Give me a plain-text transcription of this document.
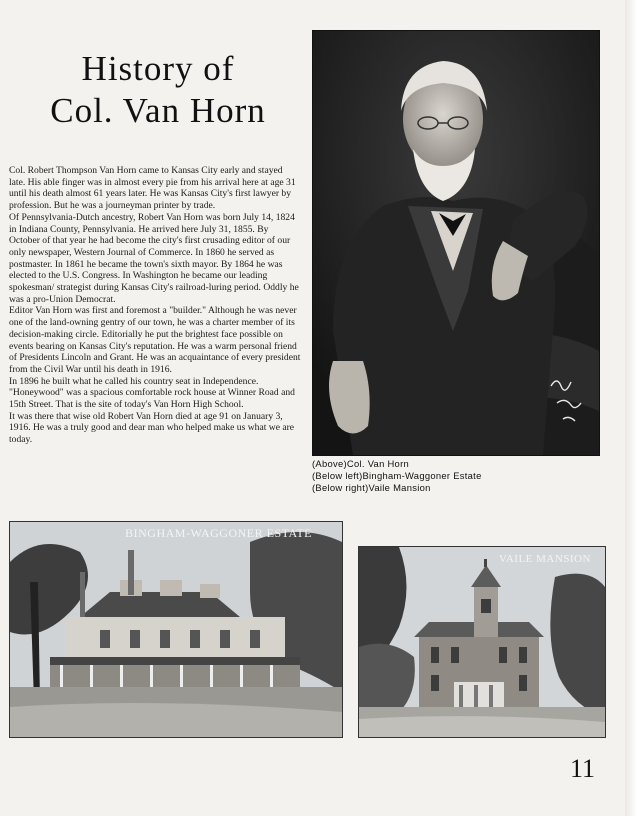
History of
Col. Van Horn

Col. Robert Thompson Van Horn came to Kansas City early and stayed late. His able finger was in almost every pie from his arrival here at age 31 until his death almost 61 years later. He was Kansas City's first lawyer by profession. But he was a journeyman printer by trade.

Of Pennsylvania-Dutch ancestry, Robert Van Horn was born July 14, 1824 in Indiana County, Pennsylvania. He arrived here July 31, 1855. By October of that year he had become the city's first crusading editor of our only newspaper, Western Journal of Commerce. In 1860 he served as postmaster. In 1861 he became the town's sixth mayor. By 1864 he was elected to the U.S. Congress. In Washington he became our leading spokesman/ strategist during Kansas City's railroad-luring period. Oddly he was a pro-Union Democrat.

Editor Van Horn was first and foremost a "builder." Although he was never one of the land-owning gentry of our town, he was a charter member of its decision-making circle. Editorially he put the brightest face possible on events bearing on Kansas City's reputation. He was a warm personal friend of Presidents Lincoln and Grant. He was an acquaintance of every president from the Civil War until his death in 1916.

In 1896 he built what he called his country seat in Independence. "Honeywood" was a spacious comfortable rock house at Winner Road and 15th Street. That is the site of today's Van Horn High School.

It was there that wise old Robert Van Horn died at age 91 on January 3, 1916. He was a truly good and dear man who helped make us what we are today.

(Above)Col. Van Horn
(Below left)Bingham-Waggoner Estate
(Below right)Vaile Mansion
BINGHAM-WAGGONER ESTATE
VAILE MANSION
11
